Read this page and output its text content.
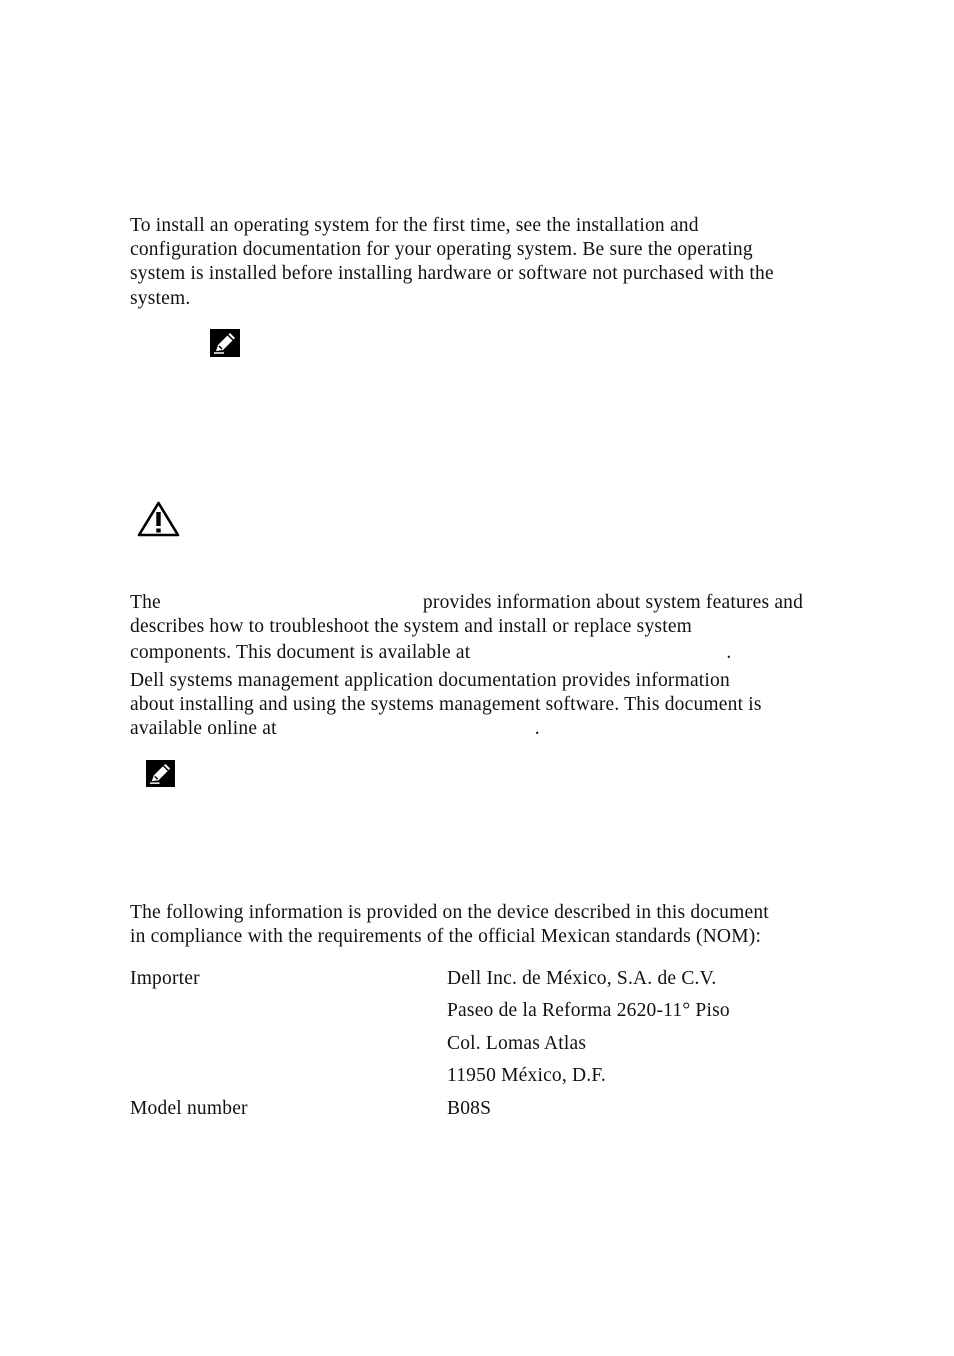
To install an operating system for the first time, see the installation and
configuration documentation for your operating system. Be sure the operating
system is installed before installing hardware or software not purchased with the
system.
The	provides information about system features and
describes how to troubleshoot the system and install or replace system
components. This document is available at	.
Dell systems management application documentation provides information
about installing and using the systems management software. This document is
available online at	.
The following information is provided on the device described in this document
in compliance with the requirements of the official Mexican standards (NOM):
Importer	Dell Inc. de México, S.A. de C.V.
Paseo de la Reforma 2620-11° Piso
Col. Lomas Atlas
11950 México, D.F.
Model number	B08S
